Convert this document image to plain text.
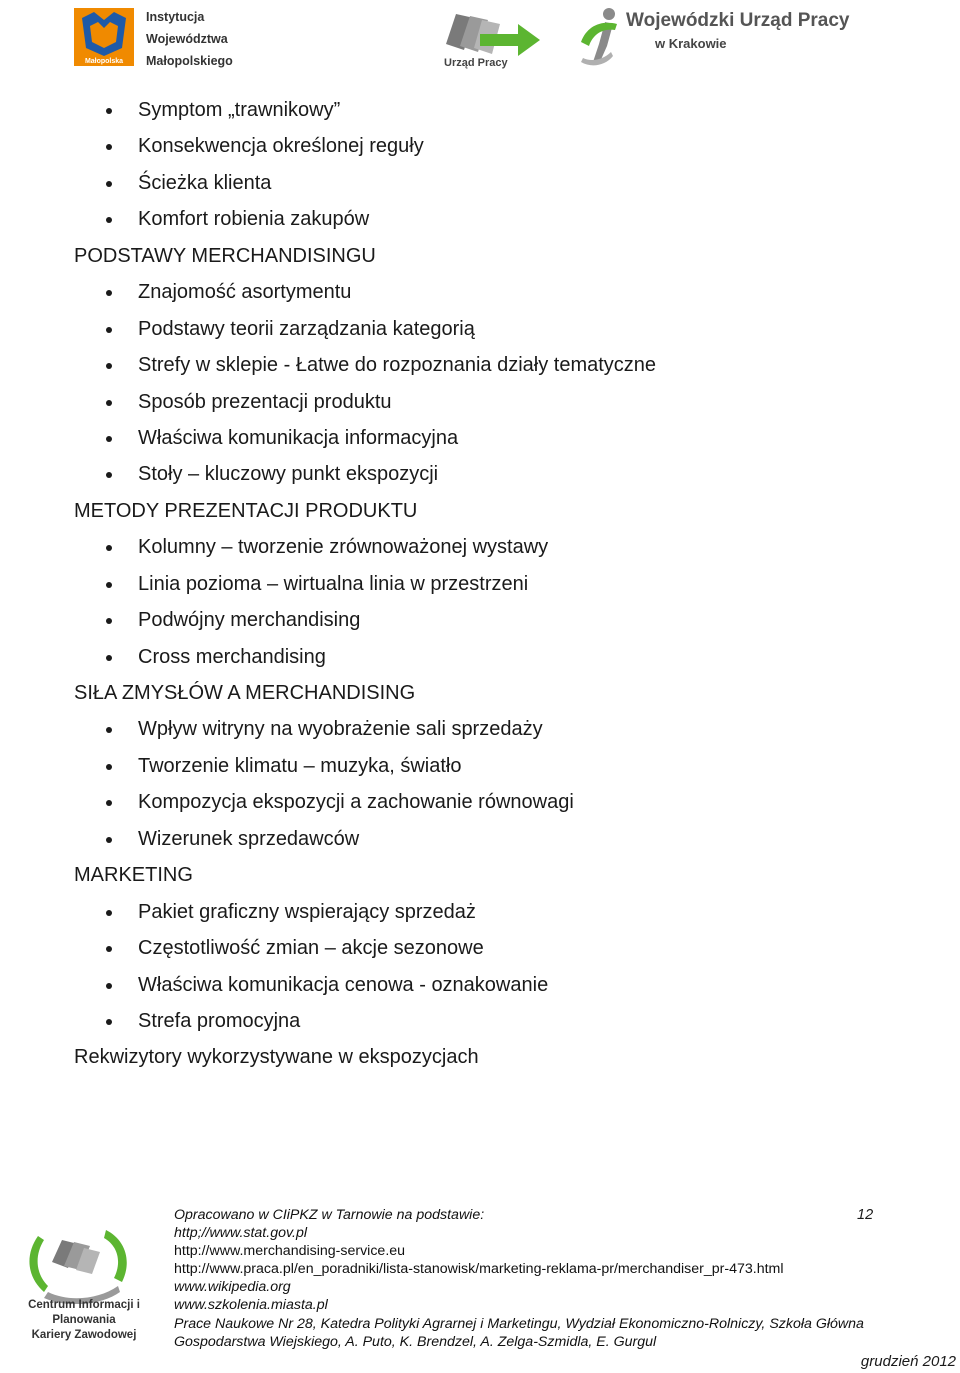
Małopolska
Instytucja
Województwa
Małopolskiego	Urząd Pracy
Wojewódzki Urząd Pracy
w Krakowie
Symptom „trawnikowy”
Konsekwencja określonej reguły
Ścieżka klienta
Komfort robienia zakupów
PODSTAWY MERCHANDISINGU
Znajomość asortymentu
Podstawy teorii zarządzania kategorią
Strefy w sklepie - Łatwe do rozpoznania działy tematyczne
Sposób prezentacji produktu
Właściwa komunikacja informacyjna
Stoły – kluczowy punkt ekspozycji
METODY PREZENTACJI PRODUKTU
Kolumny – tworzenie zrównoważonej wystawy
Linia pozioma – wirtualna linia w przestrzeni
Podwójny merchandising
Cross merchandising
SIŁA ZMYSŁÓW A MERCHANDISING
Wpływ witryny na wyobrażenie sali sprzedaży
Tworzenie klimatu – muzyka, światło
Kompozycja ekspozycji a zachowanie równowagi
Wizerunek sprzedawców
MARKETING
Pakiet graficzny wspierający sprzedaż
Częstotliwość zmian – akcje sezonowe
Właściwa komunikacja cenowa - oznakowanie
Strefa promocyjna
Rekwizytory wykorzystywane w ekspozycjach
Centrum Informacji i Planowania
Kariery Zawodowej
Opracowano w CIiPKZ w Tarnowie na podstawie:
http;//www.stat.gov.pl
http://www.merchandising-service.eu
http://www.praca.pl/en_poradniki/lista-stanowisk/marketing-reklama-pr/merchandiser_pr-473.html
www.wikipedia.org
www.szkolenia.miasta.pl
Prace Naukowe Nr 28, Katedra Polityki Agrarnej i Marketingu, Wydział Ekonomiczno-Rolniczy, Szkoła Główna
Gospodarstwa Wiejskiego, A. Puto, K. Brendzel, A. Zelga-Szmidla, E. Gurgul
12
grudzień 2012
